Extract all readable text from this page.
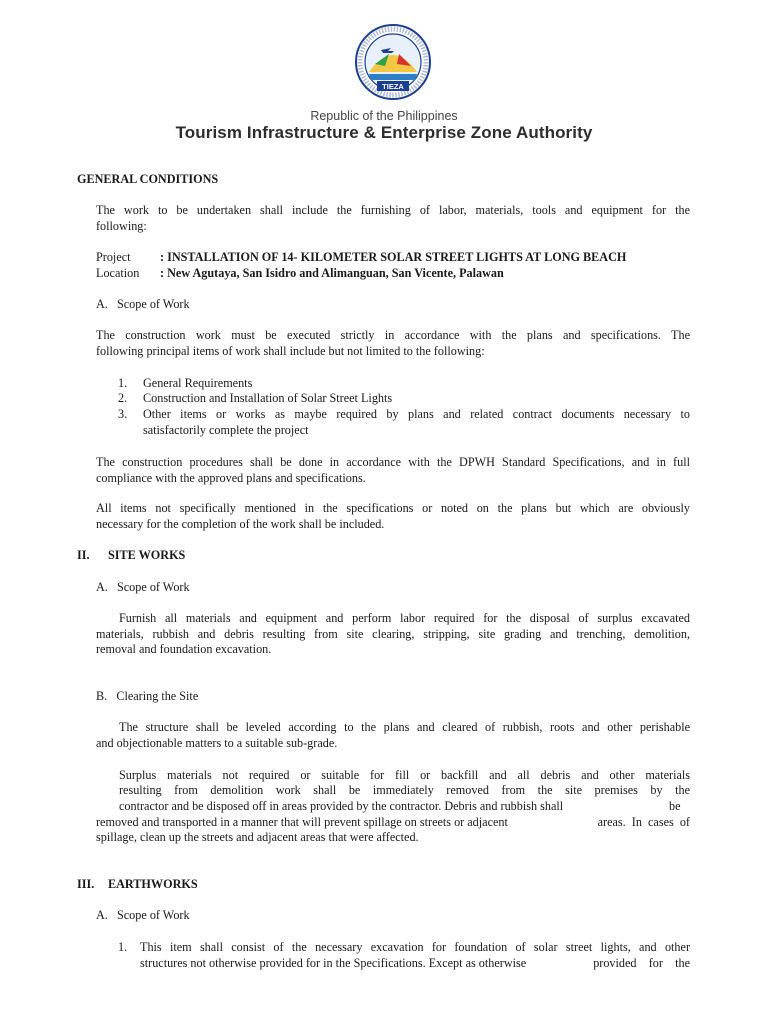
TIEZA
Republic of the Philippines
Tourism Infrastructure & Enterprise Zone Authority
GENERAL CONDITIONS
The work to be undertaken shall include the furnishing of labor, materials, tools and equipment for the
following:
Project : INSTALLATION OF 14- KILOMETER SOLAR STREET LIGHTS AT LONG BEACH
Location : New Agutaya, San Isidro and Alimanguan, San Vicente, Palawan
A.   Scope of Work
The construction work must be executed strictly in accordance with the plans and specifications. The
following principal items of work shall include but not limited to the following:
1. General Requirements
2. Construction and Installation of Solar Street Lights
3. Other items or works as maybe required by plans and related contract documents necessary to
satisfactorily complete the project
The construction procedures shall be done in accordance with the DPWH Standard Specifications, and in full
compliance with the approved plans and specifications.
All items not specifically mentioned in the specifications or noted on the plans but which are obviously
necessary for the completion of the work shall be included.
II. SITE WORKS
A.   Scope of Work
Furnish all materials and equipment and perform labor required for the disposal of surplus excavated
materials, rubbish and debris resulting from site clearing, stripping, site grading and trenching, demolition,
removal and foundation excavation.
B.   Clearing the Site
The structure shall be leveled according to the plans and cleared of rubbish, roots and other perishable
and objectionable matters to a suitable sub-grade.
Surplus materials not required or suitable for fill or backfill and all debris and other materials
resulting from demolition work shall be immediately removed from the site premises by the
contractor and be disposed off in areas provided by the contractor. Debris and rubbish shall	be
removed and transported in a manner that will prevent spillage on streets or adjacent	areas.  In  cases  of
spillage, clean up the streets and adjacent areas that were affected.
III. EARTHWORKS
A.   Scope of Work
1. This item shall consist of the necessary excavation for foundation of solar street lights, and other
structures not otherwise provided for in the Specifications. Except as otherwise	provided    for    the
